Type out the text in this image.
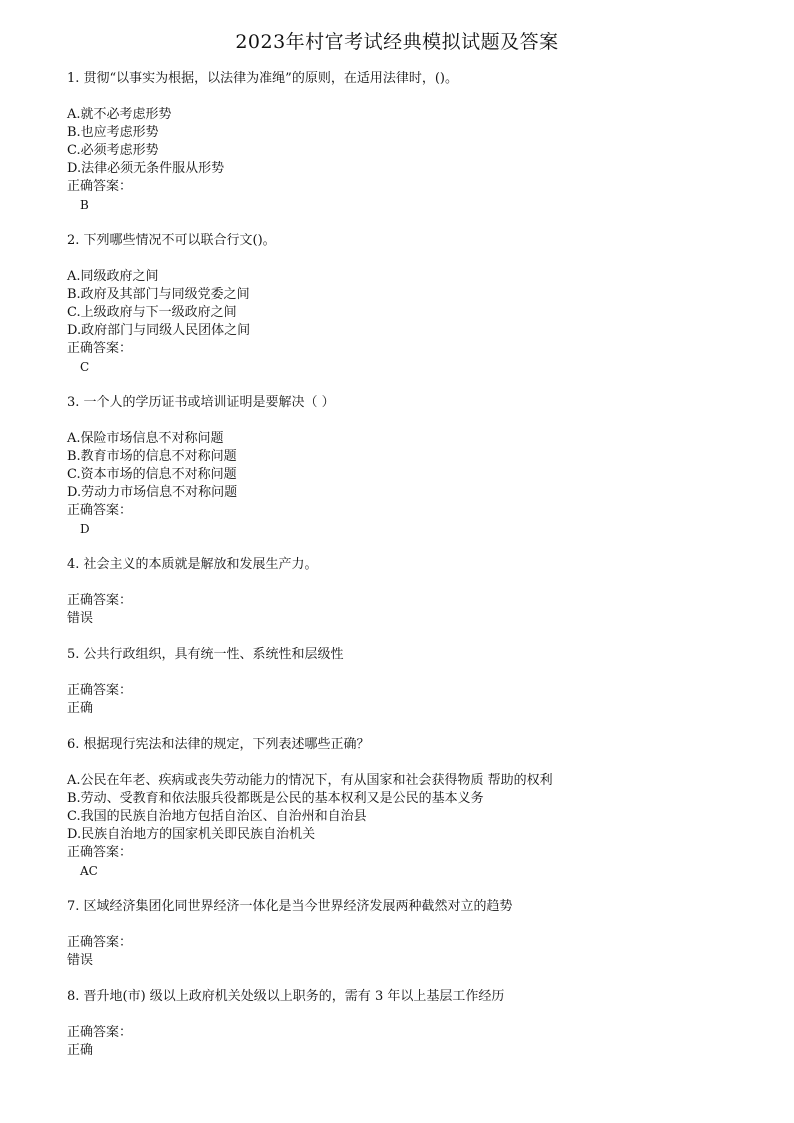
2023年村官考试经典模拟试题及答案
1. 贯彻“以事实为根据，以法律为准绳”的原则，在适用法律时，()。
A.就不必考虑形势
B.也应考虑形势
C.必须考虑形势
D.法律必须无条件服从形势
正确答案：
B
2. 下列哪些情况不可以联合行文()。
A.同级政府之间
B.政府及其部门与同级党委之间
C.上级政府与下一级政府之间
D.政府部门与同级人民团体之间
正确答案：
C
3. 一个人的学历证书或培训证明是要解决（ ）
A.保险市场信息不对称问题
B.教育市场的信息不对称问题
C.资本市场的信息不对称问题
D.劳动力市场信息不对称问题
正确答案：
D
4. 社会主义的本质就是解放和发展生产力。
正确答案：
错误
5. 公共行政组织，具有统一性、系统性和层级性
正确答案：
正确
6. 根据现行宪法和法律的规定，下列表述哪些正确？
A.公民在年老、疾病或丧失劳动能力的情况下，有从国家和社会获得物质 帮助的权利
B.劳动、受教育和依法服兵役都既是公民的基本权利又是公民的基本义务
C.我国的民族自治地方包括自治区、自治州和自治县
D.民族自治地方的国家机关即民族自治机关
正确答案：
AC
7. 区域经济集团化同世界经济一体化是当今世界经济发展两种截然对立的趋势
正确答案：
错误
8. 晋升地(市) 级以上政府机关处级以上职务的，需有 3 年以上基层工作经历
正确答案：
正确
